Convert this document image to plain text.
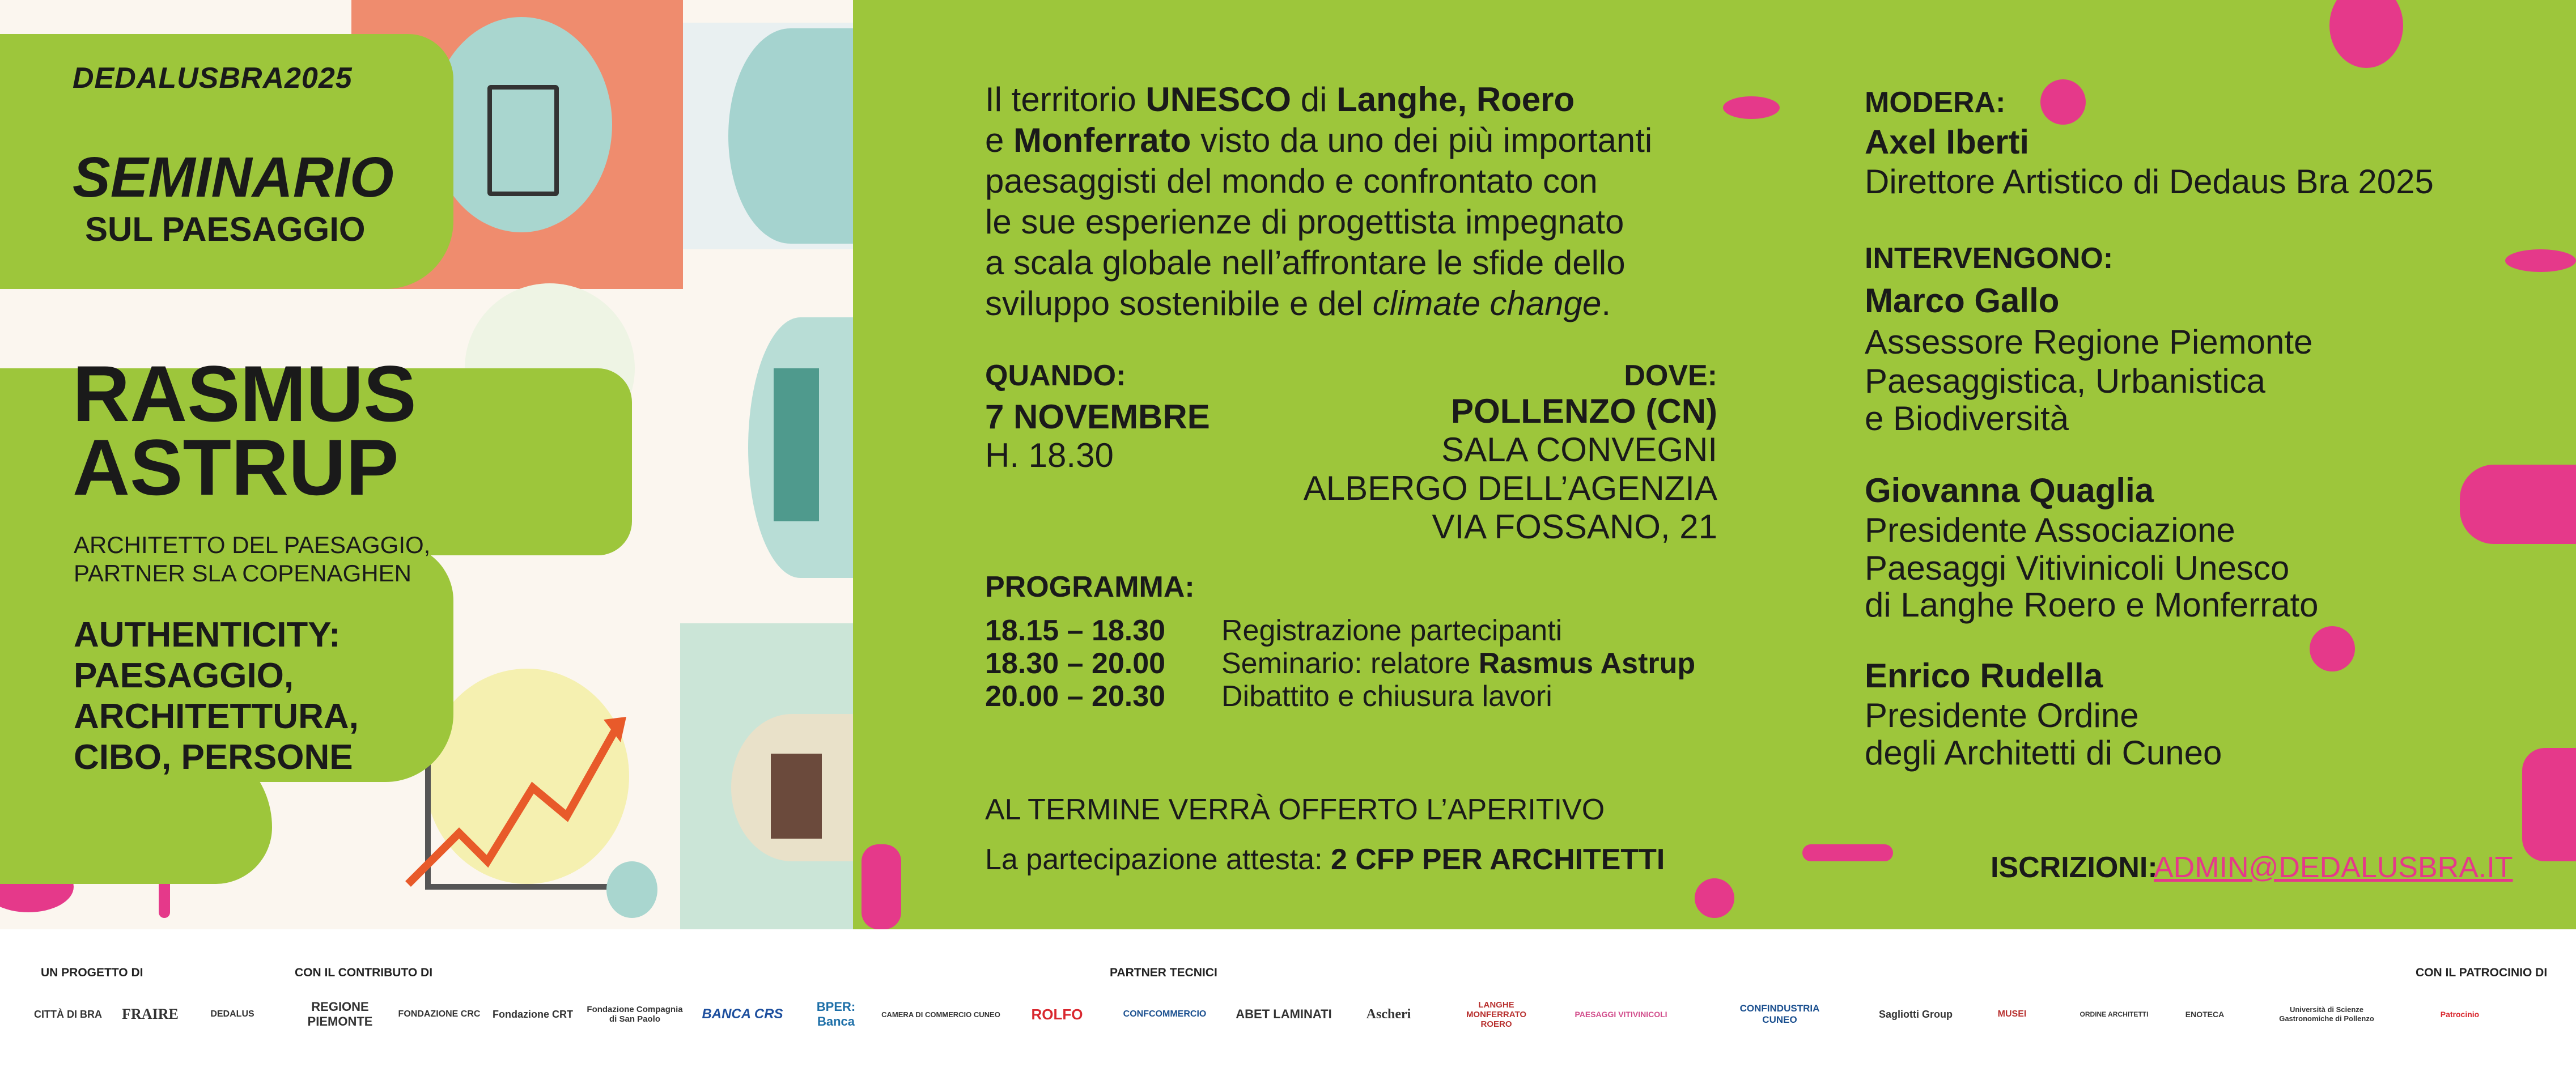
DEDALUSBRA2025
SEMINARIO
SUL PAESAGGIO
RASMUS
ASTRUP
ARCHITETTO DEL PAESAGGIO,
PARTNER SLA COPENAGHEN
AUTHENTICITY:
PAESAGGIO,
ARCHITETTURA,
CIBO, PERSONE
Il territorio UNESCO di Langhe, Roero
e Monferrato visto da uno dei più importanti
paesaggisti del mondo e confrontato con
le sue esperienze di progettista impegnato
a scala globale nell’affrontare le sfide dello
sviluppo sostenibile e del climate change.
QUANDO:
7 NOVEMBRE
H. 18.30
DOVE:
POLLENZO (CN)
SALA CONVEGNI
ALBERGO DELL’AGENZIA
VIA FOSSANO, 21
PROGRAMMA:
18.15 – 18.30 Registrazione partecipanti
18.30 – 20.00 Seminario: relatore Rasmus Astrup
20.00 – 20.30 Dibattito e chiusura lavori
AL TERMINE VERRÀ OFFERTO L’APERITIVO
La partecipazione attesta: 2 CFP PER ARCHITETTI
MODERA:
Axel Iberti
Direttore Artistico di Dedaus Bra 2025
INTERVENGONO:
Marco Gallo
Assessore Regione Piemonte
Paesaggistica, Urbanistica
e Biodiversità
Giovanna Quaglia
Presidente Associazione
Paesaggi Vitivinicoli Unesco
di Langhe Roero e Monferrato
Enrico Rudella
Presidente Ordine
degli Architetti di Cuneo
ISCRIZIONI:
ADMIN@DEDALUSBRA.IT
UN PROGETTO DI	CON IL CONTRIBUTO DI	PARTNER TECNICI	CON IL PATROCINIO DI
CITTÀ DI BRA	FRAIRE	DEDALUS
REGIONE PIEMONTE
FONDAZIONE CRC Fondazione CRT Fondazione Compagnia di San Paolo	BANCA CRS	BPER: Banca	CAMERA DI COMMERCIO CUNEO	ROLFO	CONFCOMMERCIO	ABET LAMINATI	Ascheri
LANGHE MONFERRATO ROERO
PAESAGGI VITIVINICOLI
CONFINDUSTRIA CUNEO	Sagliotti Group	MUSEI	ORDINE ARCHITETTI	ENOTECA
Università di Scienze Gastronomiche di Pollenzo	Patrocinio
